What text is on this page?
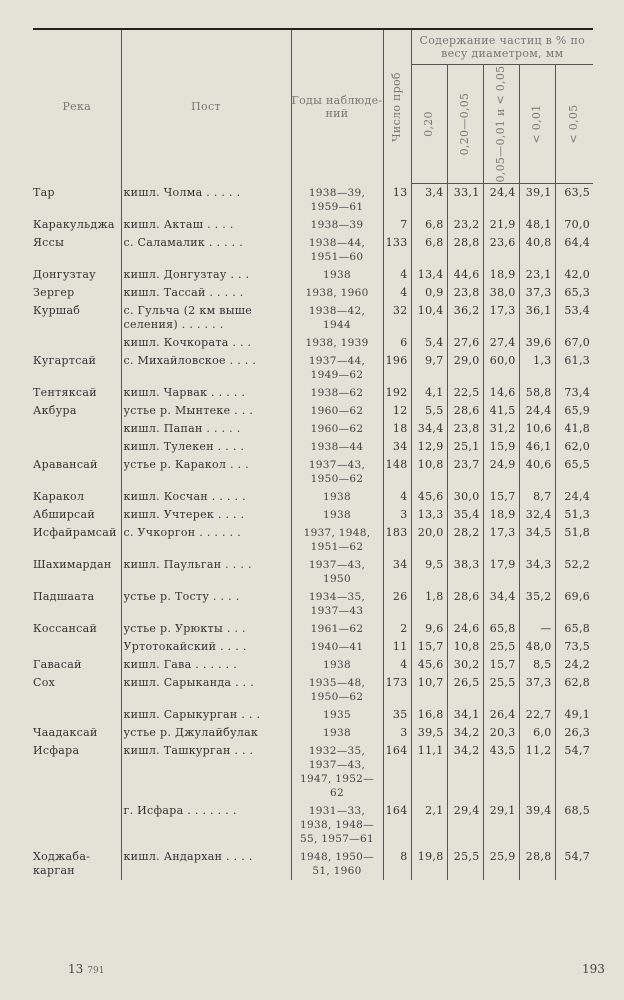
Река	Пост	Годы наблюде-ний	Число проб	Содержание частиц в % по весу диаметром, мм				

				0,20	0,20—0,05	0,05—0,01 и < 0,05	< 0,01	< 0,05

Тар	кишл. Чолма . . . . .	1938—39, 1959—61	13	3,4	33,1	24,4	39,1	63,5
Каракульджа	кишл. Акташ . . . .	1938—39	7	6,8	23,2	21,9	48,1	70,0
Яссы	с. Саламалик . . . . .	1938—44, 1951—60	133	6,8	28,8	23,6	40,8	64,4
Донгузтау	кишл. Донгузтау . . .	1938	4	13,4	44,6	18,9	23,1	42,0
Зергер	кишл. Тассай . . . . .	1938, 1960	4	0,9	23,8	38,0	37,3	65,3
Куршаб	с. Гульча (2 км выше селения) . . . . . .	1938—42, 1944	32	10,4	36,2	17,3	36,1	53,4
	кишл. Кочкората . . .	1938, 1939	6	5,4	27,6	27,4	39,6	67,0
Кугартсай	с. Михайловское . . . .	1937—44, 1949—62	196	9,7	29,0	60,0	1,3	61,3
Тентяксай	кишл. Чарвак . . . . .	1938—62	192	4,1	22,5	14,6	58,8	73,4
Акбура	устье р. Мынтеке . . .	1960—62	12	5,5	28,6	41,5	24,4	65,9
	кишл. Папан . . . . .	1960—62	18	34,4	23,8	31,2	10,6	41,8
	кишл. Тулекен . . . .	1938—44	34	12,9	25,1	15,9	46,1	62,0
Аравансай	устье р. Каракол . . .	1937—43, 1950—62	148	10,8	23,7	24,9	40,6	65,5
Каракол	кишл. Косчан . . . . .	1938	4	45,6	30,0	15,7	8,7	24,4
Абширсай	кишл. Учтерек . . . .	1938	3	13,3	35,4	18,9	32,4	51,3
Исфайрамсай	с. Учкоргон . . . . . .	1937, 1948, 1951—62	183	20,0	28,2	17,3	34,5	51,8
Шахимардан	кишл. Паульган . . . .	1937—43, 1950	34	9,5	38,3	17,9	34,3	52,2
Падшаата	устье р. Тосту . . . .	1934—35, 1937—43	26	1,8	28,6	34,4	35,2	69,6
Коссансай	устье р. Урюкты . . .	1961—62	2	9,6	24,6	65,8	—	65,8
	Уртотокайский . . . .	1940—41	11	15,7	10,8	25,5	48,0	73,5
Гавасай	кишл. Гава . . . . . .	1938	4	45,6	30,2	15,7	8,5	24,2
Сох	кишл. Сарыканда . . .	1935—48, 1950—62	173	10,7	26,5	25,5	37,3	62,8
	кишл. Сарыкурган . . .	1935	35	16,8	34,1	26,4	22,7	49,1
Чаадаксай	устье р. Джулайбулак	1938	3	39,5	34,2	20,3	6,0	26,3
Исфара	кишл. Ташкурган . . .	1932—35, 1937—43, 1947, 1952—62	164	11,1	34,2	43,5	11,2	54,7
	г. Исфара . . . . . . .	1931—33, 1938, 1948—55, 1957—61	164	2,1	29,4	29,1	39,4	68,5
Ходжаба-карган	кишл. Андархан . . . .	1948, 1950—51, 1960	8	19,8	25,5	25,9	28,8	54,7
13 791	193
